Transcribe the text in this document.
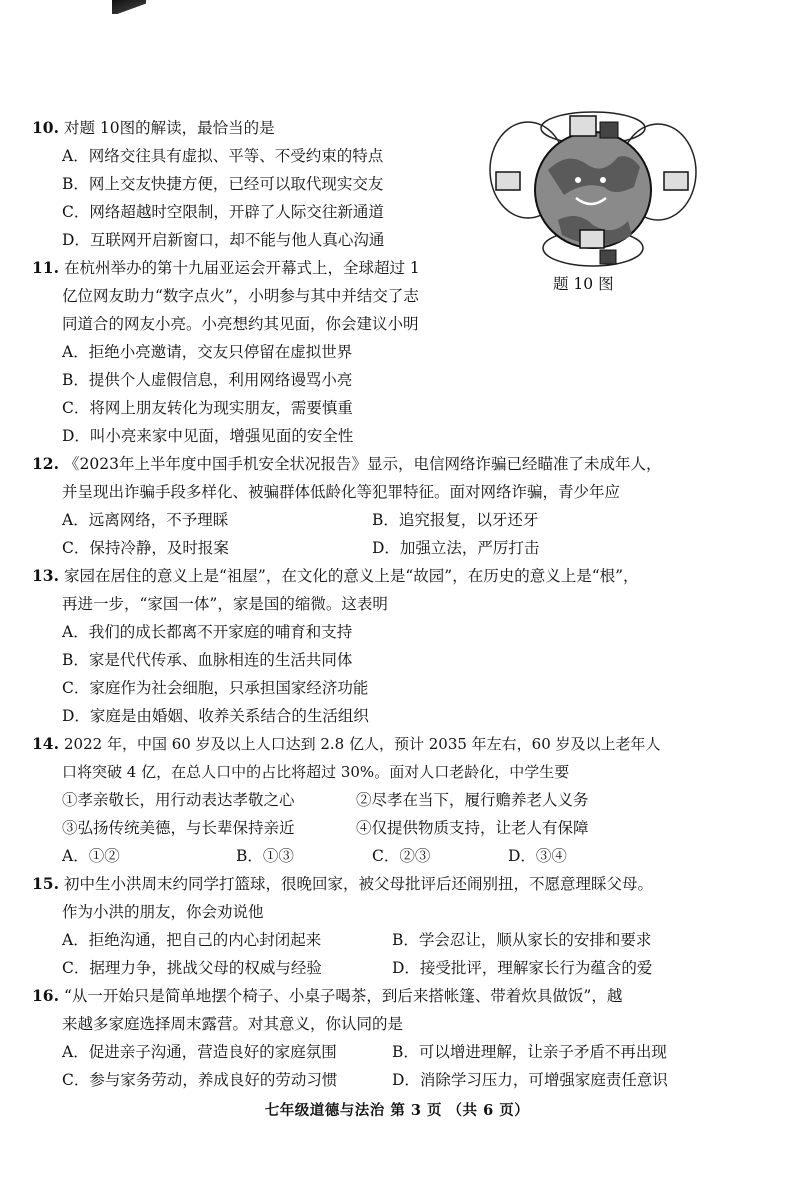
10. 对题 10图的解读，最恰当的是
A．网络交往具有虚拟、平等、不受约束的特点
B．网上交友快捷方便，已经可以取代现实交友
C．网络超越时空限制，开辟了人际交往新通道
D．互联网开启新窗口，却不能与他人真心沟通
题 10 图
11. 在杭州举办的第十九届亚运会开幕式上，全球超过 1
亿位网友助力“数字点火”，小明参与其中并结交了志
同道合的网友小亮。小亮想约其见面，你会建议小明
A．拒绝小亮邀请，交友只停留在虚拟世界
B．提供个人虚假信息，利用网络谩骂小亮
C．将网上朋友转化为现实朋友，需要慎重
D．叫小亮来家中见面，增强见面的安全性
12. 《2023年上半年度中国手机安全状况报告》显示，电信网络诈骗已经瞄准了未成年人，
并呈现出诈骗手段多样化、被骗群体低龄化等犯罪特征。面对网络诈骗，青少年应
A．远离网络，不予理睬	B．追究报复，以牙还牙
C．保持冷静，及时报案	D．加强立法，严厉打击
13. 家园在居住的意义上是“祖屋”，在文化的意义上是“故园”，在历史的意义上是“根”，
再进一步，“家国一体”，家是国的缩微。这表明
A．我们的成长都离不开家庭的哺育和支持
B．家是代代传承、血脉相连的生活共同体
C．家庭作为社会细胞，只承担国家经济功能
D．家庭是由婚姻、收养关系结合的生活组织
14. 2022 年，中国 60 岁及以上人口达到 2.8 亿人，预计 2035 年左右，60 岁及以上老年人
口将突破 4 亿，在总人口中的占比将超过 30%。面对人口老龄化，中学生要
①孝亲敬长，用行动表达孝敬之心	②尽孝在当下，履行赡养老人义务
③弘扬传统美德，与长辈保持亲近	④仅提供物质支持，让老人有保障
A．①②	B．①③	C．②③	D．③④
15. 初中生小洪周末约同学打篮球，很晚回家，被父母批评后还闹别扭，不愿意理睬父母。
作为小洪的朋友，你会劝说他
A．拒绝沟通，把自己的内心封闭起来	B．学会忍让，顺从家长的安排和要求
C．据理力争，挑战父母的权威与经验	D．接受批评，理解家长行为蕴含的爱
16. “从一开始只是简单地摆个椅子、小桌子喝茶，到后来搭帐篷、带着炊具做饭”，越
来越多家庭选择周末露营。对其意义，你认同的是
A．促进亲子沟通，营造良好的家庭氛围	B．可以增进理解，让亲子矛盾不再出现
C．参与家务劳动，养成良好的劳动习惯	D．消除学习压力，可增强家庭责任意识
七年级道德与法治 第 3 页 （共 6 页）
